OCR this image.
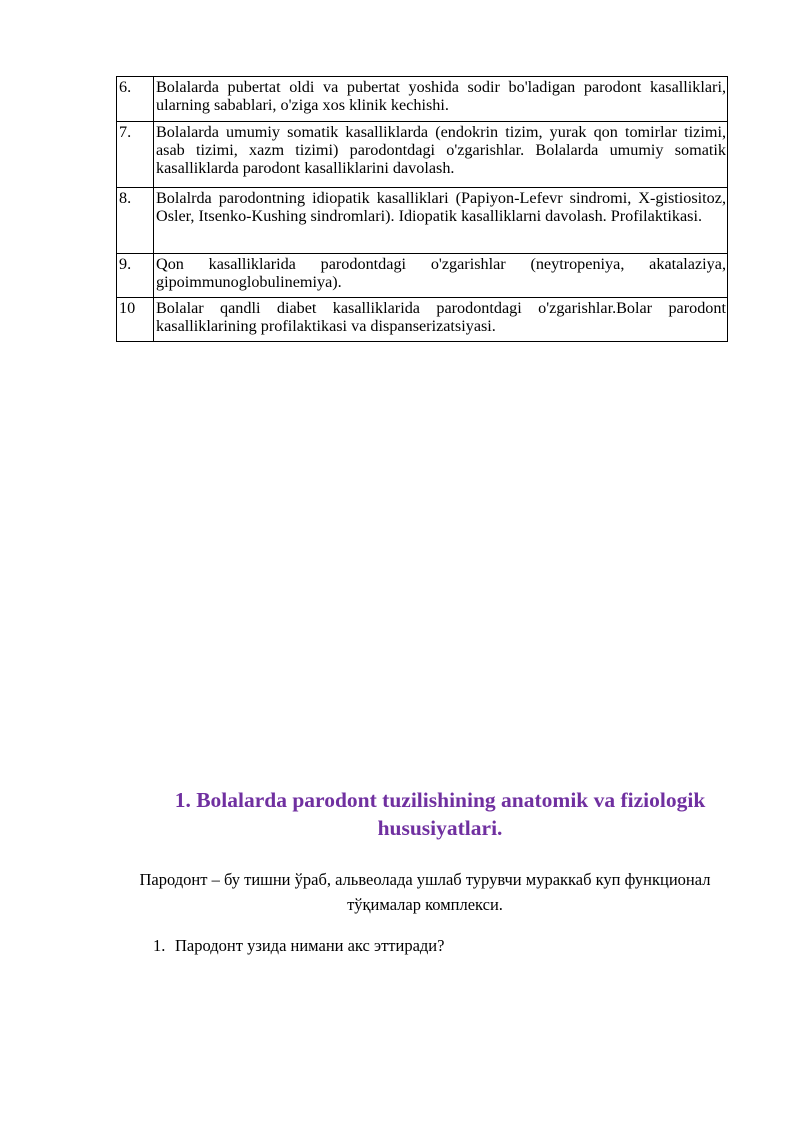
6.	Bolalarda pubertat oldi va pubertat yoshida sodir bo'ladigan parodont kasalliklari, ularning sabablari, o'ziga xos klinik kechishi.
7.	Bolalarda umumiy somatik kasalliklarda (endokrin tizim, yurak qon tomirlar tizimi, asab tizimi, xazm tizimi) parodontdagi o'zgarishlar. Bolalarda umumiy somatik kasalliklarda parodont kasalliklarini davolash.
8.	Bolalrda parodontning idiopatik kasalliklari (Papiyon-Lefevr sindromi, X-gistiositoz, Osler, Itsenko-Kushing sindromlari). Idiopatik kasalliklarni davolash. Profilaktikasi.
9.	Qon kasalliklarida parodontdagi o'zgarishlar (neytropeniya, akatalaziya, gipoimmunoglobulinemiya).
10	Bolalar qandli diabet kasalliklarida parodontdagi o'zgarishlar.Bolar parodont kasalliklarining profilaktikasi va dispanserizatsiyasi.
1. Bolalarda parodont tuzilishining anatomik va fiziologik hususiyatlari.

Пародонт – бу тишни ўраб, альвеолада ушлаб турувчи мураккаб куп функционал тўқималар комплекси.

1. Пародонт узида нимани акс эттиради?
